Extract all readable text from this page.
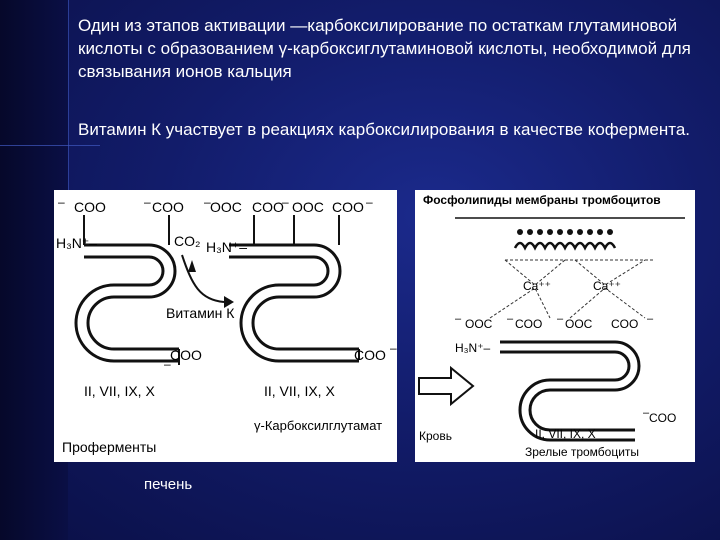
Один из этапов активации —карбоксилирование по остаткам глутаминовой кислоты с образованием γ-карбоксиглутаминовой кислоты, необходимой для связывания ионов кальция
Витамин К участвует в реакциях карбоксилирования в качестве кофермента.
COO
–	COO
–	– OOC COO
– OOC COO –
H₃N⁺–	H₃N⁺–
CO₂
Витамин К
–
COO	COO –
II, VII, IX, X	II, VII, IX, X
γ-Карбоксилглутамат
Проферменты
Фосфолипиды мембраны тромбоцитов
Ca⁺⁺	Ca⁺⁺
– OOC – COO – OOC COO –
H₃N⁺–
– COO
Кровь	II, VII, IX, X
Зрелые тромбоциты
печень
